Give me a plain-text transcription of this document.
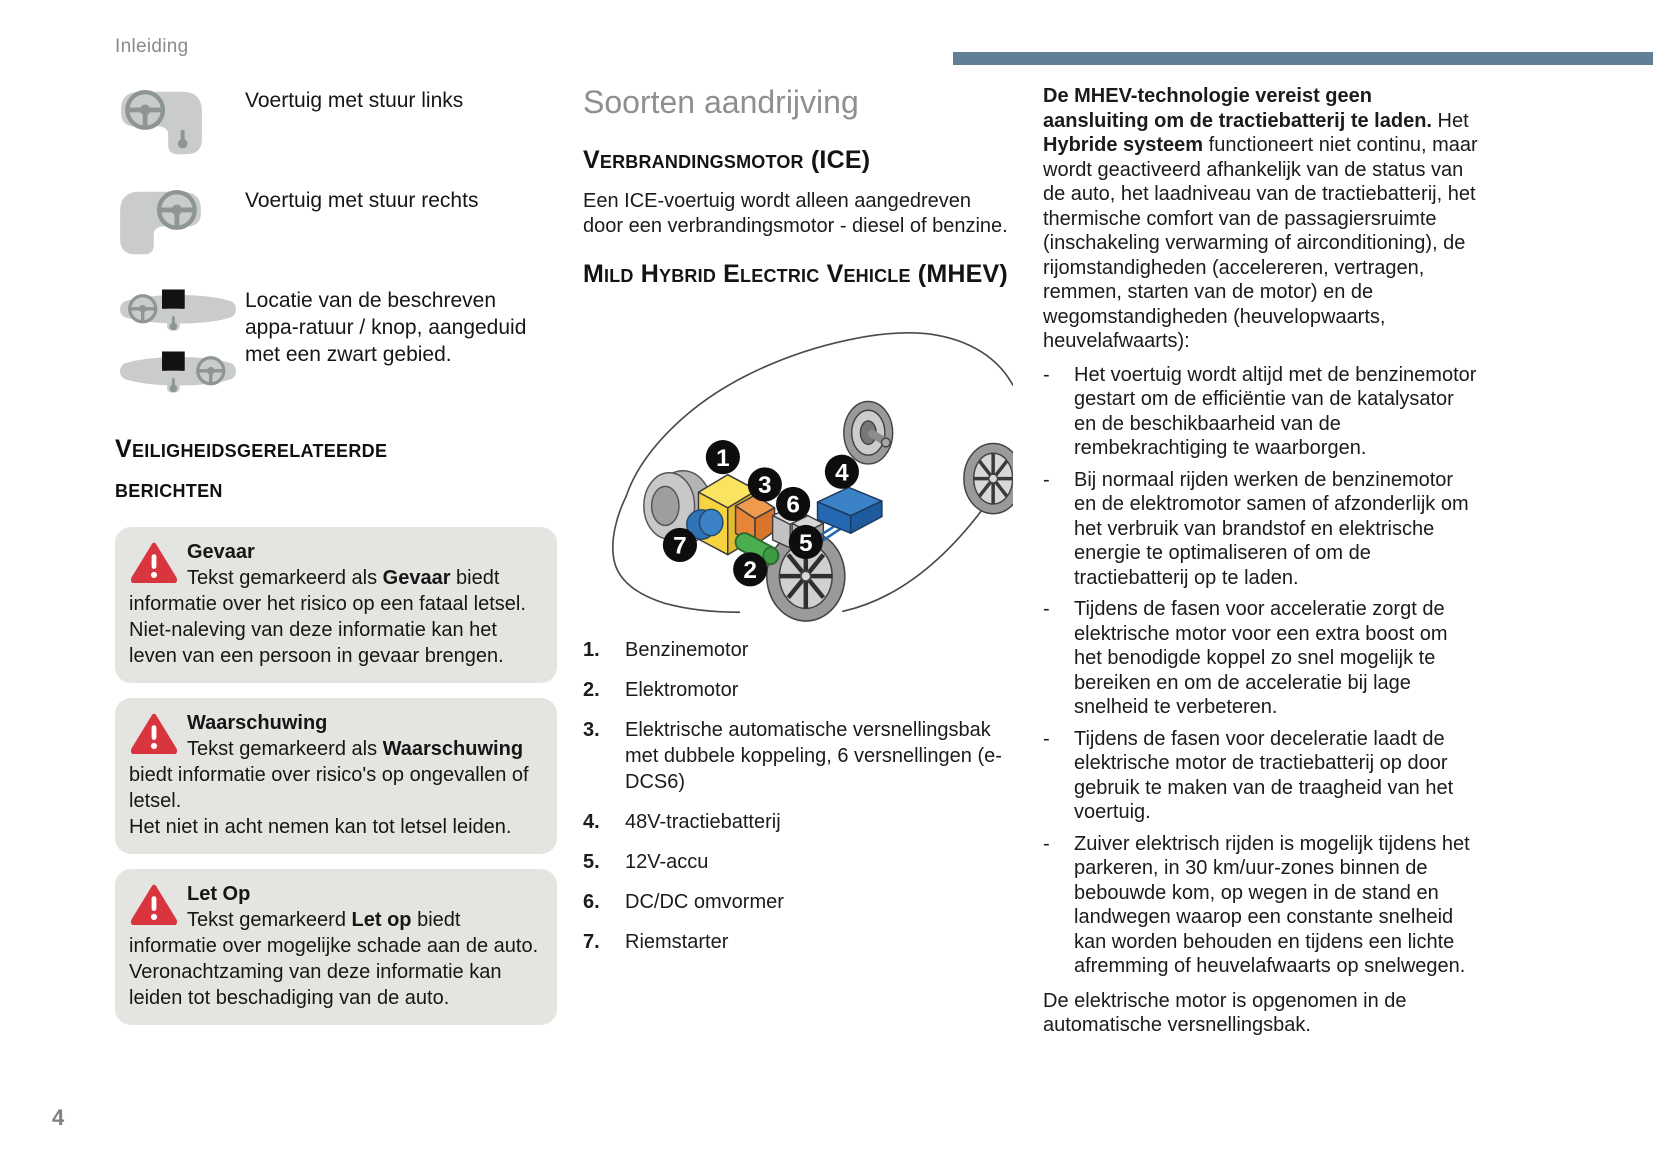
Inleiding
Voertuig met stuur links
Voertuig met stuur rechts
Locatie van de beschreven appa-ratuur / knop, aangeduid met een zwart gebied.
Veiligheidsgerelateerde berichten
Gevaar

Tekst gemarkeerd als Gevaar biedt informatie over het risico op een fataal letsel.

Niet-naleving van deze informatie kan het leven van een persoon in gevaar brengen.

Waarschuwing

Tekst gemarkeerd als Waarschuwing biedt informatie over risico's op ongevallen of letsel.

Het niet in acht nemen kan tot letsel leiden.

Let Op

Tekst gemarkeerd Let op biedt informatie over mogelijke schade aan de auto.

Veronachtzaming van deze informatie kan leiden tot beschadiging van de auto.

Soorten aandrijving
Verbrandingsmotor (ICE)

Een ICE-voertuig wordt alleen aangedreven door een verbrandingsmotor - diesel of benzine.

Mild Hybrid Electric Vehicle (MHEV)
1
3
6
4
7	5
2
1.	Benzinemotor
2.	Elektromotor
3.	Elektrische automatische versnellingsbak met dubbele koppeling, 6 versnellingen (e-DCS6)
4.	48V-tractiebatterij
5.	12V-accu
6.	DC/DC omvormer
7.	Riemstarter

De MHEV-technologie vereist geen aansluiting om de tractiebatterij te laden. Het Hybride systeem functioneert niet continu, maar wordt geactiveerd afhankelijk van de status van de auto, het laadniveau van de tractiebatterij, het thermische comfort van de passagiersruimte (inschakeling verwarming of airconditioning), de rijomstandigheden (accelereren, vertragen, remmen, starten van de motor) en de wegomstandigheden (heuvelopwaarts, heuvelafwaarts):

-	Het voertuig wordt altijd met de benzinemotor gestart om de efficiëntie van de katalysator en de beschikbaarheid van de rembekrachtiging te waarborgen.
-	Bij normaal rijden werken de benzinemotor en de elektromotor samen of afzonderlijk om het verbruik van brandstof en elektrische energie te optimaliseren of om de tractiebatterij op te laden.
-	Tijdens de fasen voor acceleratie zorgt de elektrische motor voor een extra boost om het benodigde koppel zo snel mogelijk te bereiken en om de acceleratie bij lage snelheid te verbeteren.
-	Tijdens de fasen voor deceleratie laadt de elektrische motor de tractiebatterij op door gebruik te maken van de traagheid van het voertuig.
-	Zuiver elektrisch rijden is mogelijk tijdens het parkeren, in 30 km/uur-zones binnen de bebouwde kom, op wegen in de stand en landwegen waarop een constante snelheid kan worden behouden en tijdens een lichte afremming of heuvelafwaarts op snelwegen.

De elektrische motor is opgenomen in de automatische versnellingsbak.

4
